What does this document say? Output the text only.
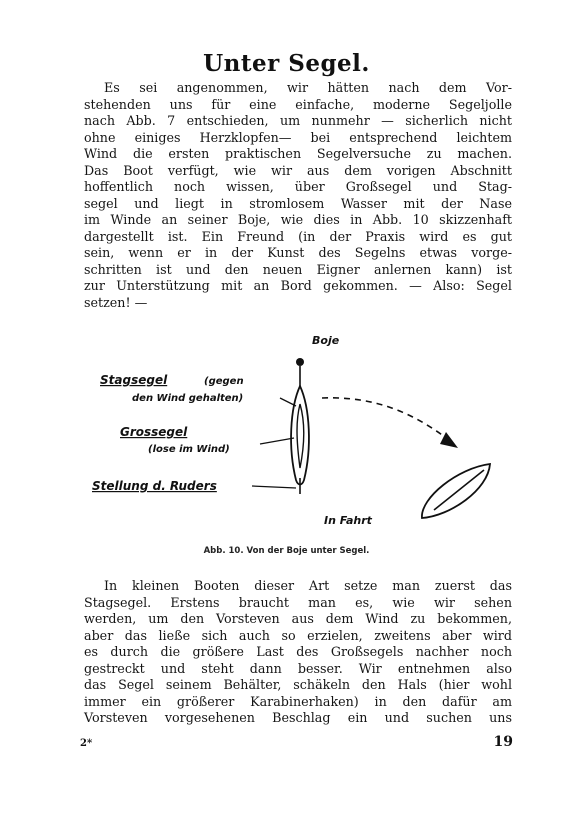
Unter Segel.
Es sei angenommen, wir hätten nach dem Vor-
stehenden uns für eine einfache, moderne Segeljolle
nach Abb. 7 entschieden, um nunmehr — sicherlich nicht
ohne einiges Herzklopfen— bei entsprechend leichtem
Wind die ersten praktischen Segelversuche zu machen.
Das Boot verfügt, wie wir aus dem vorigen Abschnitt
hoffentlich noch wissen, über Großsegel und Stag-
segel und liegt in stromlosem Wasser mit der Nase
im Winde an seiner Boje, wie dies in Abb. 10 skizzenhaft
dargestellt ist. Ein Freund (in der Praxis wird es gut
sein, wenn er in der Kunst des Segelns etwas vorge-
schritten ist und den neuen Eigner anlernen kann) ist
zur Unterstützung mit an Bord gekommen. — Also: Segel
setzen! —
Boje
Stagsegel	(gegen
den Wind gehalten)
Grossegel
(lose im Wind)
Stellung d. Ruders
In Fahrt
Abb. 10. Von der Boje unter Segel.
In kleinen Booten dieser Art setze man zuerst das
Stagsegel. Erstens braucht man es, wie wir sehen
werden, um den Vorsteven aus dem Wind zu bekommen,
aber das ließe sich auch so erzielen, zweitens aber wird
es durch die größere Last des Großsegels nachher noch
gestreckt und steht dann besser. Wir entnehmen also
das Segel seinem Behälter, schäkeln den Hals (hier wohl
immer ein größerer Karabinerhaken) in den dafür am
Vorsteven vorgesehenen Beschlag ein und suchen uns
2*	19
